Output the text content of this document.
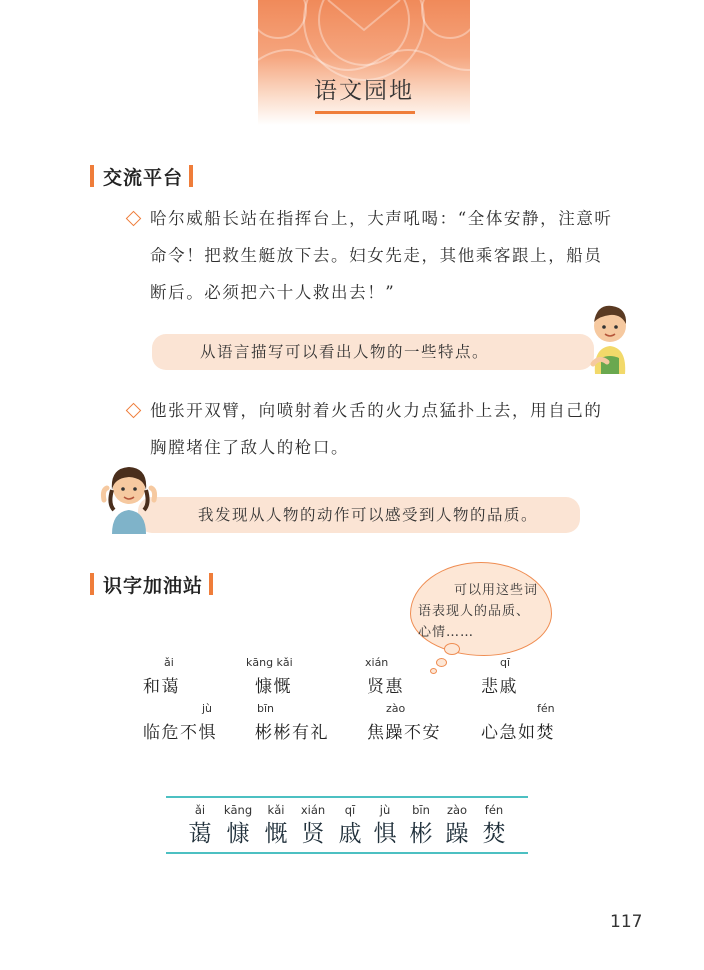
语文园地
交流平台
哈尔威船长站在指挥台上，大声吼喝：“全体安静，注意听
命令！把救生艇放下去。妇女先走，其他乘客跟上，船员
断后。必须把六十人救出去！”
从语言描写可以看出人物的一些特点。
他张开双臂，向喷射着火舌的火力点猛扑上去，用自己的
胸膛堵住了敌人的枪口。
我发现从人物的动作可以感受到人物的品质。
识字加油站	可以用这些词
语表现人的品质、
心情……
ǎi
和蔼
kāng kǎi
慷慨
xián
贤惠
qī
悲戚
jù
临危不惧
bīn
彬彬有礼
zào
焦躁不安
fén
心急如焚
ǎi
蔼
kāng
慷
kǎi
慨
xián
贤
qī
戚
jù
惧
bīn
彬
zào
躁
fén
焚
117
